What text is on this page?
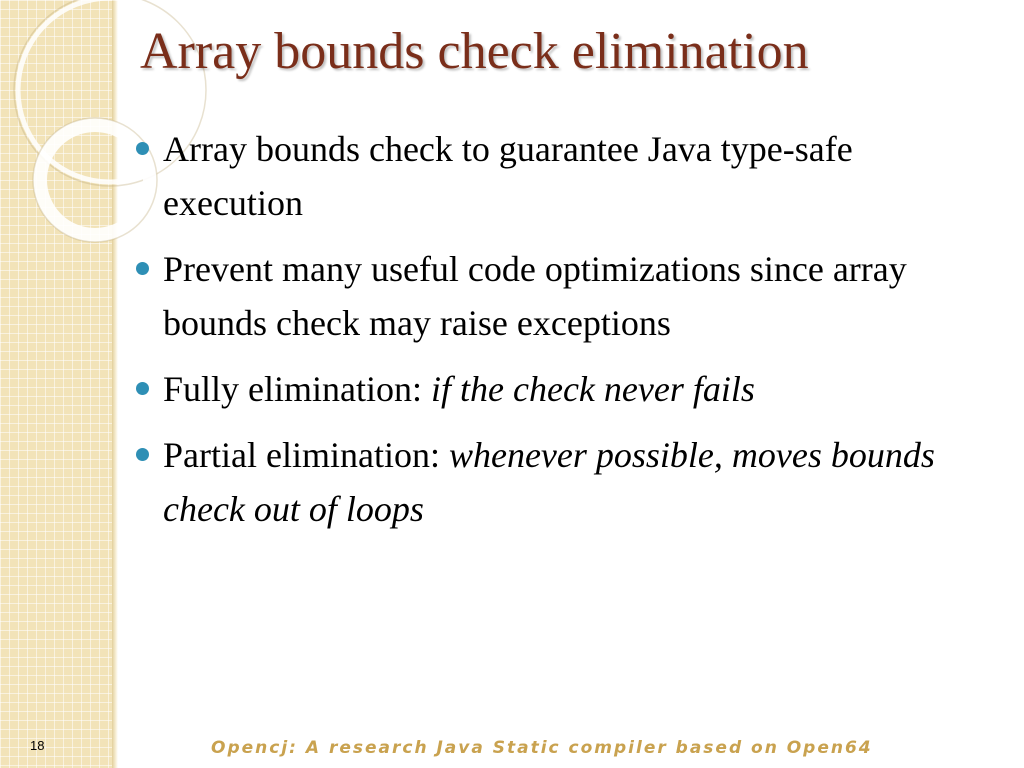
Array bounds check elimination
Array bounds check to guarantee Java type-safe execution
Prevent many useful code optimizations since array bounds check may raise exceptions
Fully elimination: if the check never fails
Partial elimination: whenever possible, moves bounds check out of loops
18	Opencj: A research Java Static compiler based on Open64
